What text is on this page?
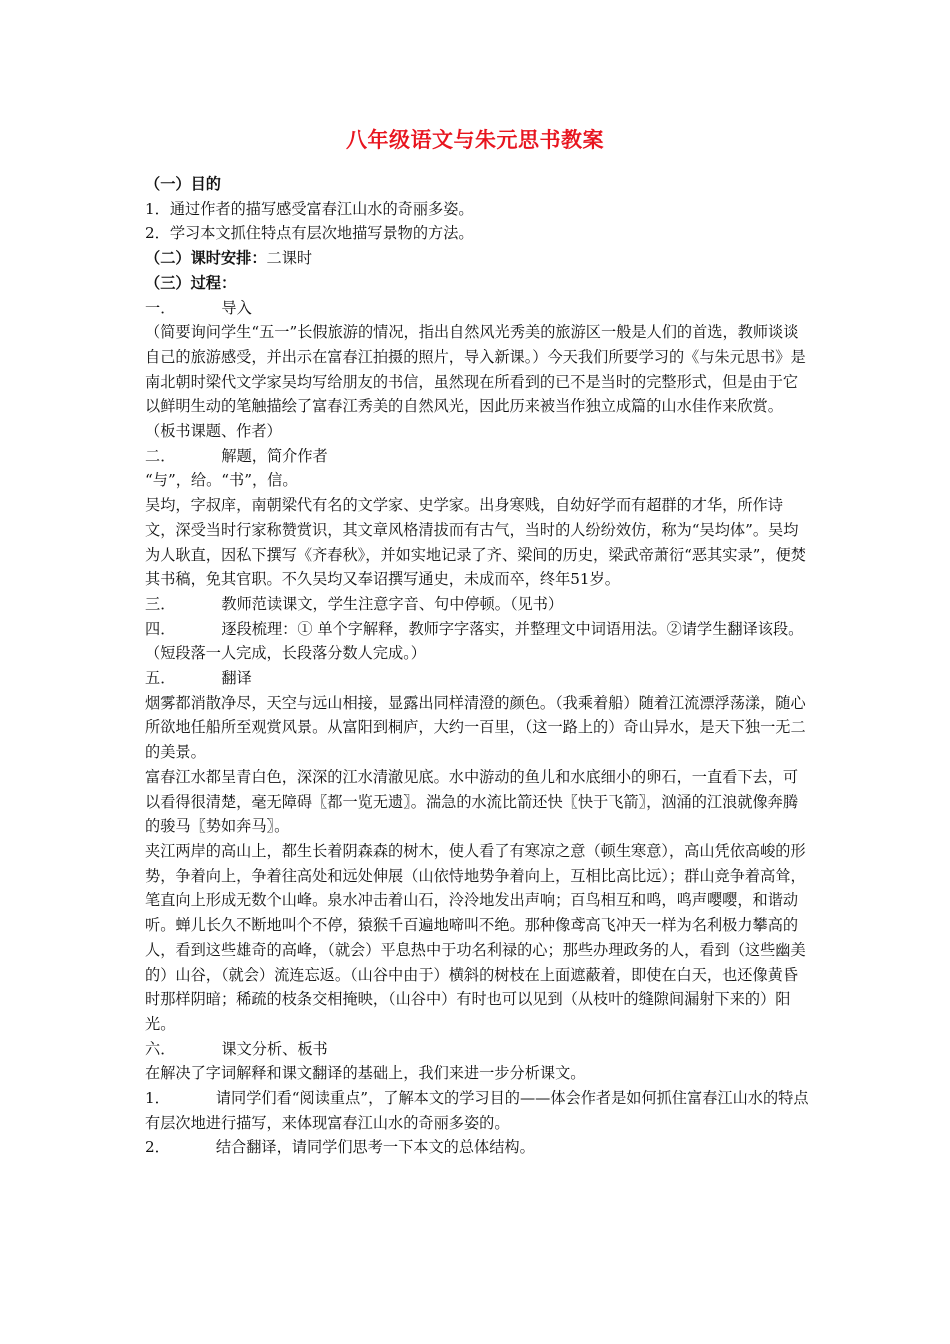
八年级语文与朱元思书教案

（一）目的

1．通过作者的描写感受富春江山水的奇丽多姿。

2．学习本文抓住特点有层次地描写景物的方法。

（二）课时安排：二课时

（三）过程：

一．	导入

（简要询问学生“五一”长假旅游的情况，指出自然风光秀美的旅游区一般是人们的首选，教师谈谈自己的旅游感受，并出示在富春江拍摄的照片，导入新课。）今天我们所要学习的《与朱元思书》是南北朝时梁代文学家吴均写给朋友的书信，虽然现在所看到的已不是当时的完整形式，但是由于它以鲜明生动的笔触描绘了富春江秀美的自然风光，因此历来被当作独立成篇的山水佳作来欣赏。

（板书课题、作者）

二．	解题，简介作者

“与”，给。“书”，信。

吴均，字叔庠，南朝梁代有名的文学家、史学家。出身寒贱，自幼好学而有超群的才华，所作诗文，深受当时行家称赞赏识，其文章风格清拔而有古气，当时的人纷纷效仿，称为“吴均体”。吴均为人耿直，因私下撰写《齐春秋》，并如实地记录了齐、梁间的历史，梁武帝萧衍“恶其实录”，便焚其书稿，免其官职。不久吴均又奉诏撰写通史，未成而卒，终年51岁。

三．	教师范读课文，学生注意字音、句中停顿。（见书）

四．	逐段梳理：① 单个字解释，教师字字落实，并整理文中词语用法。②请学生翻译该段。（短段落一人完成，长段落分数人完成。）

五．	翻译

烟雾都消散净尽，天空与远山相接，显露出同样清澄的颜色。（我乘着船）随着江流漂浮荡漾，随心所欲地任船所至观赏风景。从富阳到桐庐，大约一百里，（这一路上的）奇山异水，是天下独一无二的美景。

富春江水都呈青白色，深深的江水清澈见底。水中游动的鱼儿和水底细小的卵石，一直看下去，可以看得很清楚，毫无障碍〖都一览无遗〗。湍急的水流比箭还快〖快于飞箭〗，汹涌的江浪就像奔腾的骏马〖势如奔马〗。

夹江两岸的高山上，都生长着阴森森的树木，使人看了有寒凉之意（顿生寒意），高山凭依高峻的形势，争着向上，争着往高处和远处伸展（山依恃地势争着向上，互相比高比远）；群山竞争着高耸，笔直向上形成无数个山峰。泉水冲击着山石，泠泠地发出声响；百鸟相互和鸣，鸣声嘤嘤，和谐动听。蝉儿长久不断地叫个不停，猿猴千百遍地啼叫不绝。那种像鸢高飞冲天一样为名利极力攀高的人，看到这些雄奇的高峰，（就会）平息热中于功名利禄的心；那些办理政务的人，看到（这些幽美的）山谷，（就会）流连忘返。（山谷中由于）横斜的树枝在上面遮蔽着，即使在白天，也还像黄昏时那样阴暗；稀疏的枝条交相掩映，（山谷中）有时也可以见到（从枝叶的缝隙间漏射下来的）阳光。

六．	课文分析、板书

在解决了字词解释和课文翻译的基础上，我们来进一步分析课文。

1．	请同学们看“阅读重点”，了解本文的学习目的——体会作者是如何抓住富春江山水的特点有层次地进行描写，来体现富春江山水的奇丽多姿的。

2．	结合翻译，请同学们思考一下本文的总体结构。
